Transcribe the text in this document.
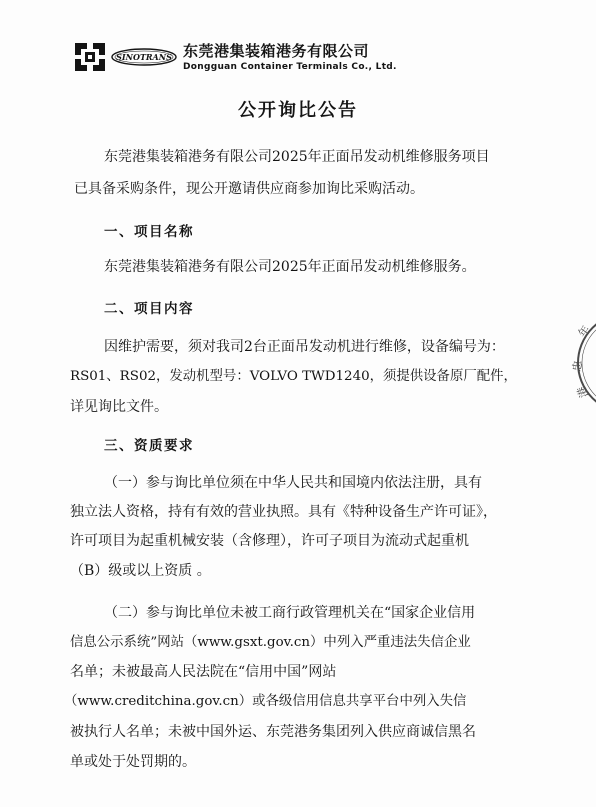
SINOTRANS 东莞港集装箱港务有限公司
Dongguan Container Terminals Co., Ltd.
公开询比公告
东莞港集装箱港务有限公司2025年正面吊发动机维修服务项目
已具备采购条件，现公开邀请供应商参加询比采购活动。
一、项目名称
东莞港集装箱港务有限公司2025年正面吊发动机维修服务。
二、项目内容
因维护需要，须对我司2台正面吊发动机进行维修，设备编号为：
RS01、RS02，发动机型号：VOLVO TWD1240，须提供设备原厂配件，
详见询比文件。
三、资质要求
（一）参与询比单位须在中华人民共和国境内依法注册，具有
独立法人资格，持有有效的营业执照。具有《特种设备生产许可证》，
许可项目为起重机械安装（含修理），许可子项目为流动式起重机
（B）级或以上资质 。
（二）参与询比单位未被工商行政管理机关在“国家企业信用
信息公示系统”网站（www.gsxt.gov.cn）中列入严重违法失信企业
名单；未被最高人民法院在“信用中国”网站
（www.creditchina.gov.cn）或各级信用信息共享平台中列入失信
被执行人名单；未被中国外运、东莞港务集团列入供应商诚信黑名
单或处于处罚期的。
年
忠
港
